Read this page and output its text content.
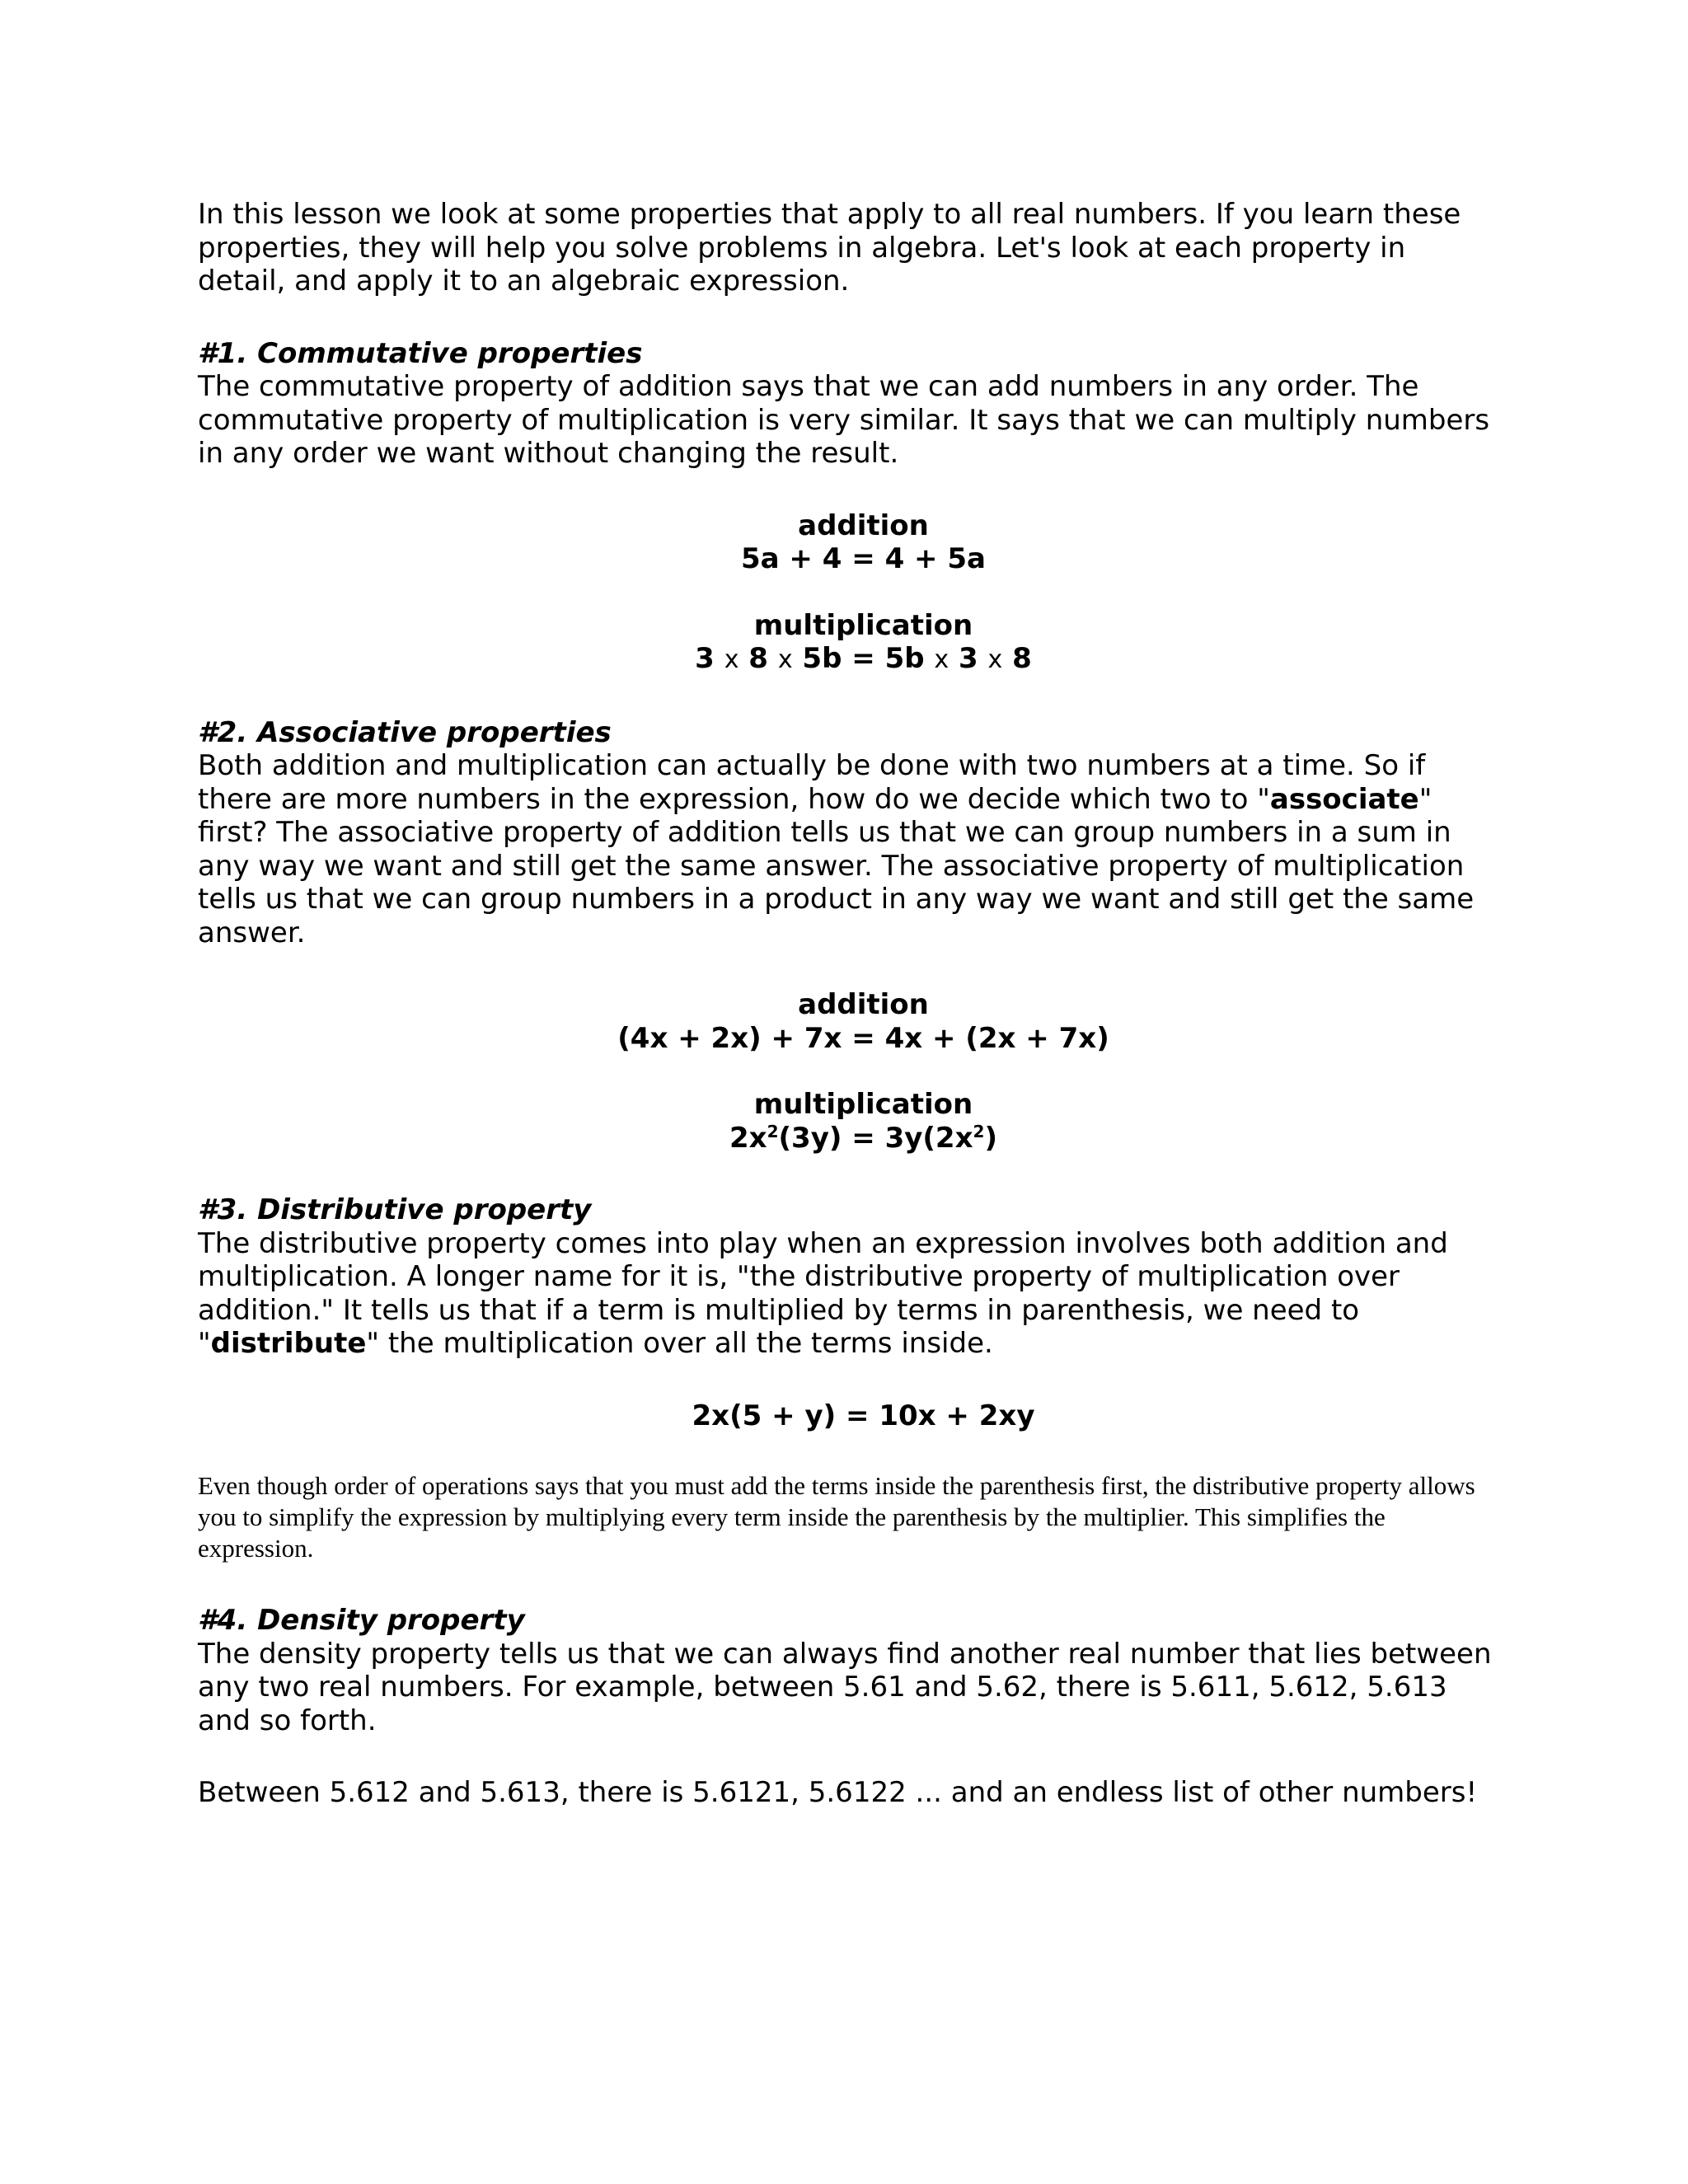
In this lesson we look at some properties that apply to all real numbers. If you learn these properties, they will help you solve problems in algebra. Let's look at each property in detail, and apply it to an algebraic expression.

#1. Commutative properties

The commutative property of addition says that we can add numbers in any order. The commutative property of multiplication is very similar. It says that we can multiply numbers in any order we want without changing the result.

addition
5a + 4 = 4 + 5a
multiplication
3 x 8 x 5b = 5b x 3 x 8
#2. Associative properties

Both addition and multiplication can actually be done with two numbers at a time. So if there are more numbers in the expression, how do we decide which two to "associate" first? The associative property of addition tells us that we can group numbers in a sum in any way we want and still get the same answer. The associative property of multiplication tells us that we can group numbers in a product in any way we want and still get the same answer.

addition
(4x + 2x) + 7x = 4x + (2x + 7x)
multiplication
$2x^2(3y) = 3y(2x^2)$
#3. Distributive property

The distributive property comes into play when an expression involves both addition and multiplication. A longer name for it is, "the distributive property of multiplication over addition." It tells us that if a term is multiplied by terms in parenthesis, we need to "distribute" the multiplication over all the terms inside.

2x(5 + y) = 10x + 2xy

Even though order of operations says that you must add the terms inside the parenthesis first, the distributive property allows you to simplify the expression by multiplying every term inside the parenthesis by the multiplier. This simplifies the expression.

#4. Density property

The density property tells us that we can always find another real number that lies between any two real numbers. For example, between 5.61 and 5.62, there is 5.611, 5.612, 5.613 and so forth.

Between 5.612 and 5.613, there is 5.6121, 5.6122 ... and an endless list of other numbers!
